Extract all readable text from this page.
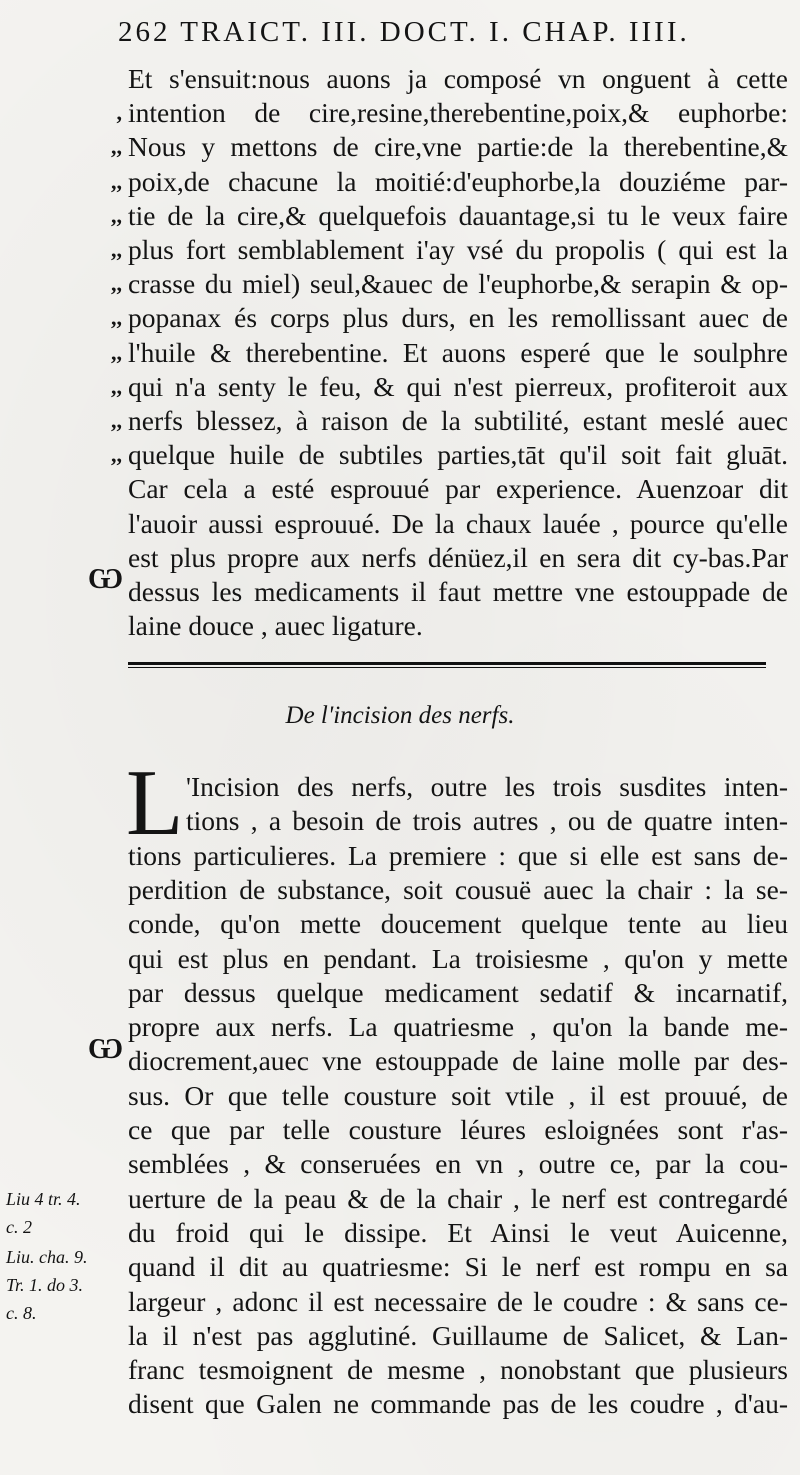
262 TRAICT. III. DOCT. I. CHAP. IIII.
Et s'ensuit:nous auons ja composé vn onguent à cette
intention de cire,resine,therebentine,poix,& euphorbe:
,
Nous y mettons de cire,vne partie:de la therebentine,&
,,
poix,de chacune la moitié:d'euphorbe,la douziéme par-
,,
tie de la cire,& quelquefois dauantage,si tu le veux faire
,,
plus fort semblablement i'ay vsé du propolis ( qui est la
,,
crasse du miel) seul,&auec de l'euphorbe,& serapin & op-
,,
popanax és corps plus durs, en les remollissant auec de
,,
l'huile & therebentine. Et auons esperé que le soulphre
,,
qui n'a senty le feu, & qui n'est pierreux, profiteroit aux
,,
nerfs blessez, à raison de la subtilité, estant meslé auec
,,
quelque huile de subtiles parties,tāt qu'il soit fait gluāt.
,,
Car cela a esté esprouué par experience. Auenzoar dit
l'auoir aussi esprouué. De la chaux lauée , pource qu'elle
est plus propre aux nerfs dénüez,il en sera dit cy-bas.Par
dessus les medicaments il faut mettre vne estouppade de
laine douce , auec ligature.
Ѡ
De l'incision des nerfs.
L 'Incision des nerfs, outre les trois susdites inten-
tions , a besoin de trois autres , ou de quatre inten-
tions particulieres. La premiere : que si elle est sans de-
perdition de substance, soit cousuë auec la chair : la se-
conde, qu'on mette doucement quelque tente au lieu
qui est plus en pendant. La troisiesme , qu'on y mette
par dessus quelque medicament sedatif & incarnatif,
propre aux nerfs. La quatriesme , qu'on la bande me-
diocrement,auec vne estouppade de laine molle par des-
sus. Or que telle cousture soit vtile , il est prouué, de
ce que par telle cousture léures esloignées sont r'as-
semblées , & conseruées en vn , outre ce, par la cou-
uerture de la peau & de la chair , le nerf est contregardé
du froid qui le dissipe. Et Ainsi le veut Auicenne,
quand il dit au quatriesme: Si le nerf est rompu en sa
largeur , adonc il est necessaire de le coudre : & sans ce-
la il n'est pas agglutiné. Guillaume de Salicet, & Lan-
franc tesmoignent de mesme , nonobstant que plusieurs
disent que Galen ne commande pas de les coudre , d'au-
Ѡ
Liu 4 tr. 4.
c. 2
Liu. cha. 9.
Tr. 1. do 3.
c. 8.
